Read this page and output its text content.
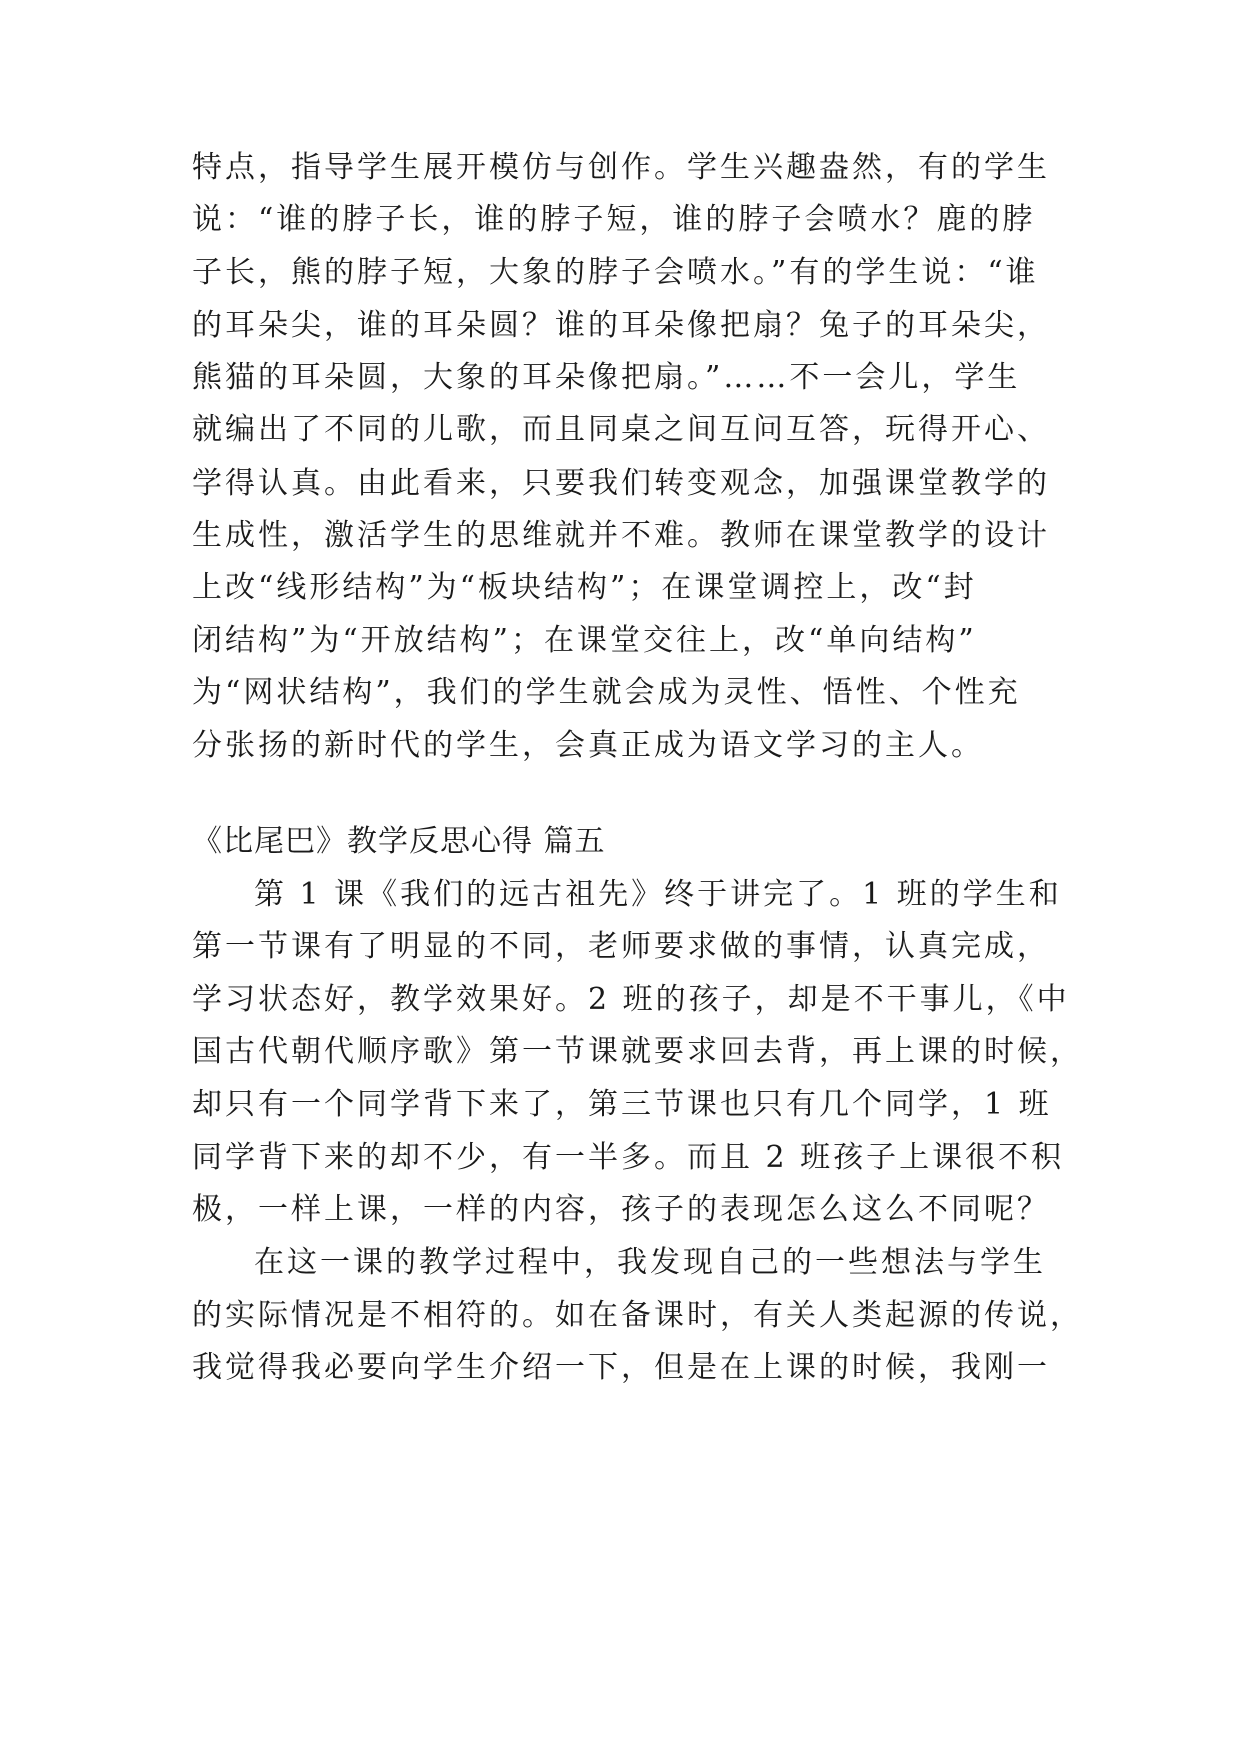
特点，指导学生展开模仿与创作。学生兴趣盎然，有的学生
说：“谁的脖子长，谁的脖子短，谁的脖子会喷水？鹿的脖
子长，熊的脖子短，大象的脖子会喷水。”有的学生说：“谁
的耳朵尖，谁的耳朵圆？谁的耳朵像把扇？兔子的耳朵尖，
熊猫的耳朵圆，大象的耳朵像把扇。”……不一会儿，学生
就编出了不同的儿歌，而且同桌之间互问互答，玩得开心、
学得认真。由此看来，只要我们转变观念，加强课堂教学的
生成性，激活学生的思维就并不难。教师在课堂教学的设计
上改“线形结构”为“板块结构”；在课堂调控上，改“封
闭结构”为“开放结构”；在课堂交往上，改“单向结构”
为“网状结构”，我们的学生就会成为灵性、悟性、个性充
分张扬的新时代的学生，会真正成为语文学习的主人。
《比尾巴》教学反思心得 篇五
第 1 课《我们的远古祖先》终于讲完了。1 班的学生和
第一节课有了明显的不同，老师要求做的事情，认真完成，
学习状态好，教学效果好。2 班的孩子，却是不干事儿，《中
国古代朝代顺序歌》第一节课就要求回去背，再上课的时候，
却只有一个同学背下来了，第三节课也只有几个同学，1 班
同学背下来的却不少，有一半多。而且 2 班孩子上课很不积
极，一样上课，一样的内容，孩子的表现怎么这么不同呢？
在这一课的教学过程中，我发现自己的一些想法与学生
的实际情况是不相符的。如在备课时，有关人类起源的传说，
我觉得我必要向学生介绍一下，但是在上课的时候，我刚一
